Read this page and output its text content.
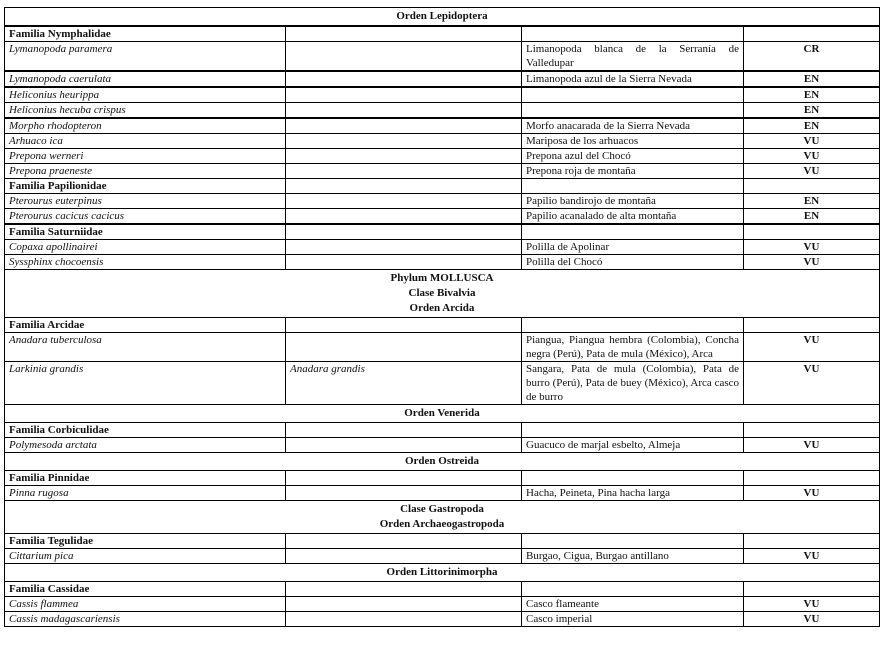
Orden Lepidoptera			

Familia Nymphalidae			
Lymanopoda paramera		Limanopoda blanca de la Serranía de Valledupar	CR
Lymanopoda caerulata		Limanopoda azul de la Sierra Nevada	EN
Heliconius heurippa			EN
Heliconius hecuba crispus			EN
Morpho rhodopteron		Morfo anacarada de la Sierra Nevada	EN
Arhuaco ica		Mariposa de los arhuacos	VU
Prepona werneri		Prepona azul del Chocó	VU
Prepona praeneste		Prepona roja de montaña	VU
Familia Papilionidae			
Pterourus euterpinus		Papilio bandirojo de montaña	EN
Pterourus cacicus cacicus		Papilio acanalado de alta montaña	EN
Familia Saturniidae			
Copaxa apollinairei		Polilla de Apolinar	VU
Syssphinx chocoensis		Polilla del Chocó	VU

Phylum MOLLUSCA
Clase Bivalvia
Orden Arcida			

Familia Arcidae			
Anadara tuberculosa		Piangua, Piangua hembra (Colombia), Concha negra (Perú), Pata de mula (México), Arca	VU
Larkinia grandis	Anadara grandis	Sangara, Pata de mula (Colombia), Pata de burro (Perú), Pata de buey (México), Arca casco de burro	VU

Orden Venerida			

Familia Corbiculidae			
Polymesoda arctata		Guacuco de marjal esbelto, Almeja	VU

Orden Ostreida			

Familia Pinnidae			
Pinna rugosa		Hacha, Peineta, Pina hacha larga	VU

Clase Gastropoda
Orden Archaeogastropoda			

Familia Tegulidae			
Cittarium pica		Burgao, Cigua, Burgao antillano	VU

Orden Littorinimorpha			

Familia Cassidae			
Cassis flammea		Casco flameante	VU
Cassis madagascariensis		Casco imperial	VU
